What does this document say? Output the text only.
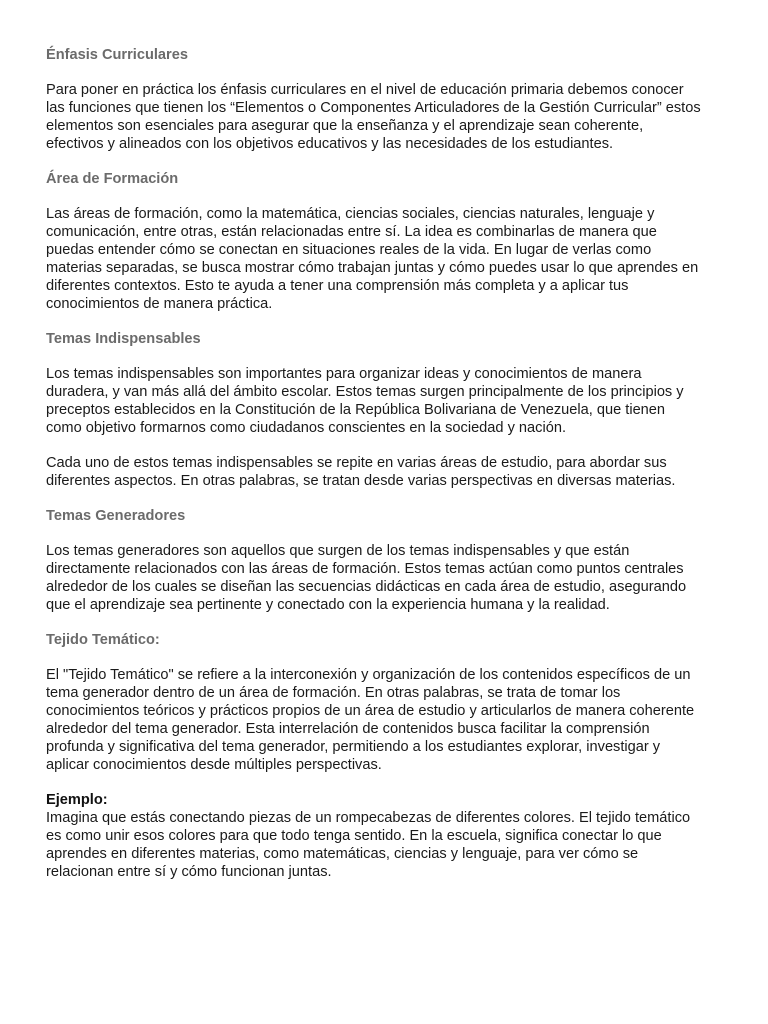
Énfasis Curriculares
Para poner en práctica los énfasis curriculares en el nivel de educación primaria debemos conocer
las funciones que tienen los “Elementos o Componentes Articuladores de la Gestión Curricular” estos
elementos son esenciales para asegurar que la enseñanza y el aprendizaje sean coherente,
efectivos y alineados con los objetivos educativos y las necesidades de los estudiantes.
Área de Formación
Las áreas de formación, como la matemática, ciencias sociales, ciencias naturales, lenguaje y
comunicación, entre otras, están relacionadas entre sí. La idea es combinarlas de manera que
puedas entender cómo se conectan en situaciones reales de la vida. En lugar de verlas como
materias separadas, se busca mostrar cómo trabajan juntas y cómo puedes usar lo que aprendes en
diferentes contextos. Esto te ayuda a tener una comprensión más completa y a aplicar tus
conocimientos de manera práctica.
Temas Indispensables
Los temas indispensables son importantes para organizar ideas y conocimientos de manera
duradera, y van más allá del ámbito escolar. Estos temas surgen principalmente de los principios y
preceptos establecidos en la Constitución de la República Bolivariana de Venezuela, que tienen
como objetivo formarnos como ciudadanos conscientes en la sociedad y nación.
Cada uno de estos temas indispensables se repite en varias áreas de estudio, para abordar sus
diferentes aspectos. En otras palabras, se tratan desde varias perspectivas en diversas materias.
Temas Generadores
Los temas generadores son aquellos que surgen de los temas indispensables y que están
directamente relacionados con las áreas de formación. Estos temas actúan como puntos centrales
alrededor de los cuales se diseñan las secuencias didácticas en cada área de estudio, asegurando
que el aprendizaje sea pertinente y conectado con la experiencia humana y la realidad.
Tejido Temático:
El "Tejido Temático" se refiere a la interconexión y organización de los contenidos específicos de un
tema generador dentro de un área de formación. En otras palabras, se trata de tomar los
conocimientos teóricos y prácticos propios de un área de estudio y articularlos de manera coherente
alrededor del tema generador. Esta interrelación de contenidos busca facilitar la comprensión
profunda y significativa del tema generador, permitiendo a los estudiantes explorar, investigar y
aplicar conocimientos desde múltiples perspectivas.
Ejemplo:
Imagina que estás conectando piezas de un rompecabezas de diferentes colores. El tejido temático
es como unir esos colores para que todo tenga sentido. En la escuela, significa conectar lo que
aprendes en diferentes materias, como matemáticas, ciencias y lenguaje, para ver cómo se
relacionan entre sí y cómo funcionan juntas.
